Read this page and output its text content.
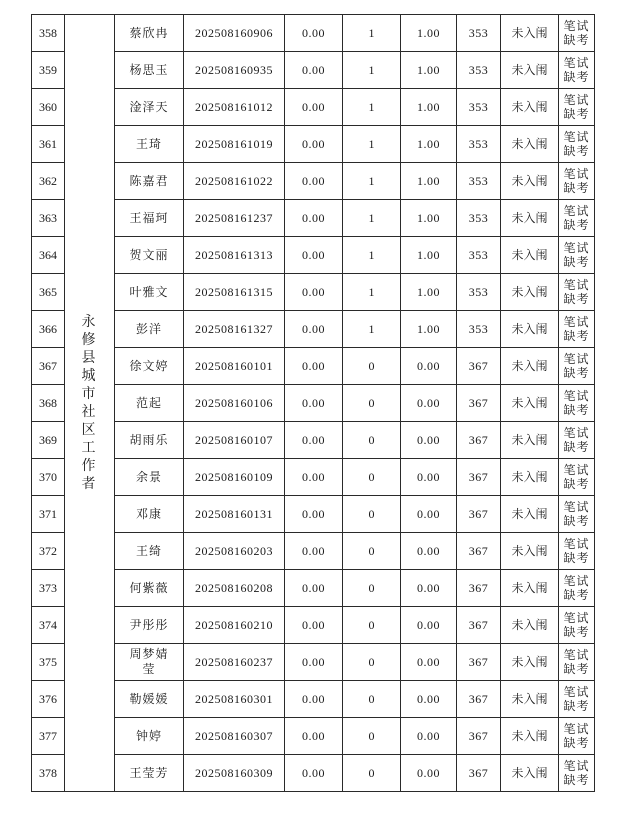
358	永修县城市社区工作者	蔡欣冉	202508160906	0.00	1	1.00	353	未入闱	笔试缺考
359		杨思玉	202508160935	0.00	1	1.00	353	未入闱	笔试缺考
360		淦泽天	202508161012	0.00	1	1.00	353	未入闱	笔试缺考
361		王琦	202508161019	0.00	1	1.00	353	未入闱	笔试缺考
362		陈嘉君	202508161022	0.00	1	1.00	353	未入闱	笔试缺考
363		王福珂	202508161237	0.00	1	1.00	353	未入闱	笔试缺考
364		贺文丽	202508161313	0.00	1	1.00	353	未入闱	笔试缺考
365		叶雅文	202508161315	0.00	1	1.00	353	未入闱	笔试缺考
366		彭洋	202508161327	0.00	1	1.00	353	未入闱	笔试缺考
367		徐文婷	202508160101	0.00	0	0.00	367	未入闱	笔试缺考
368		范起	202508160106	0.00	0	0.00	367	未入闱	笔试缺考
369		胡雨乐	202508160107	0.00	0	0.00	367	未入闱	笔试缺考
370		余景	202508160109	0.00	0	0.00	367	未入闱	笔试缺考
371		邓康	202508160131	0.00	0	0.00	367	未入闱	笔试缺考
372		王绮	202508160203	0.00	0	0.00	367	未入闱	笔试缺考
373		何紫薇	202508160208	0.00	0	0.00	367	未入闱	笔试缺考
374		尹彤彤	202508160210	0.00	0	0.00	367	未入闱	笔试缺考
375		周梦婧莹	202508160237	0.00	0	0.00	367	未入闱	笔试缺考
376		勒媛媛	202508160301	0.00	0	0.00	367	未入闱	笔试缺考
377		钟婷	202508160307	0.00	0	0.00	367	未入闱	笔试缺考
378		王莹芳	202508160309	0.00	0	0.00	367	未入闱	笔试缺考
